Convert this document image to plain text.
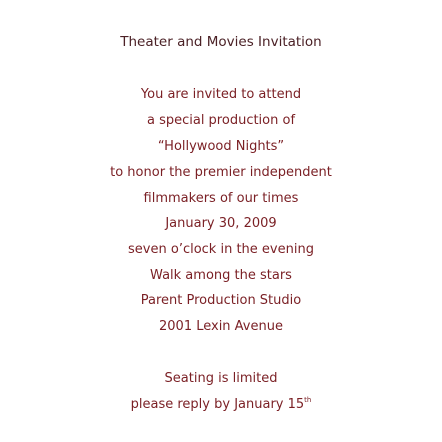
Theater and Movies Invitation
You are invited to attend
a special production of
“Hollywood Nights”
to honor the premier independent
filmmakers of our times
January 30, 2009
seven o’clock in the evening
Walk among the stars
Parent Production Studio
2001 Lexin Avenue
Seating is limited
please reply by January 15th
